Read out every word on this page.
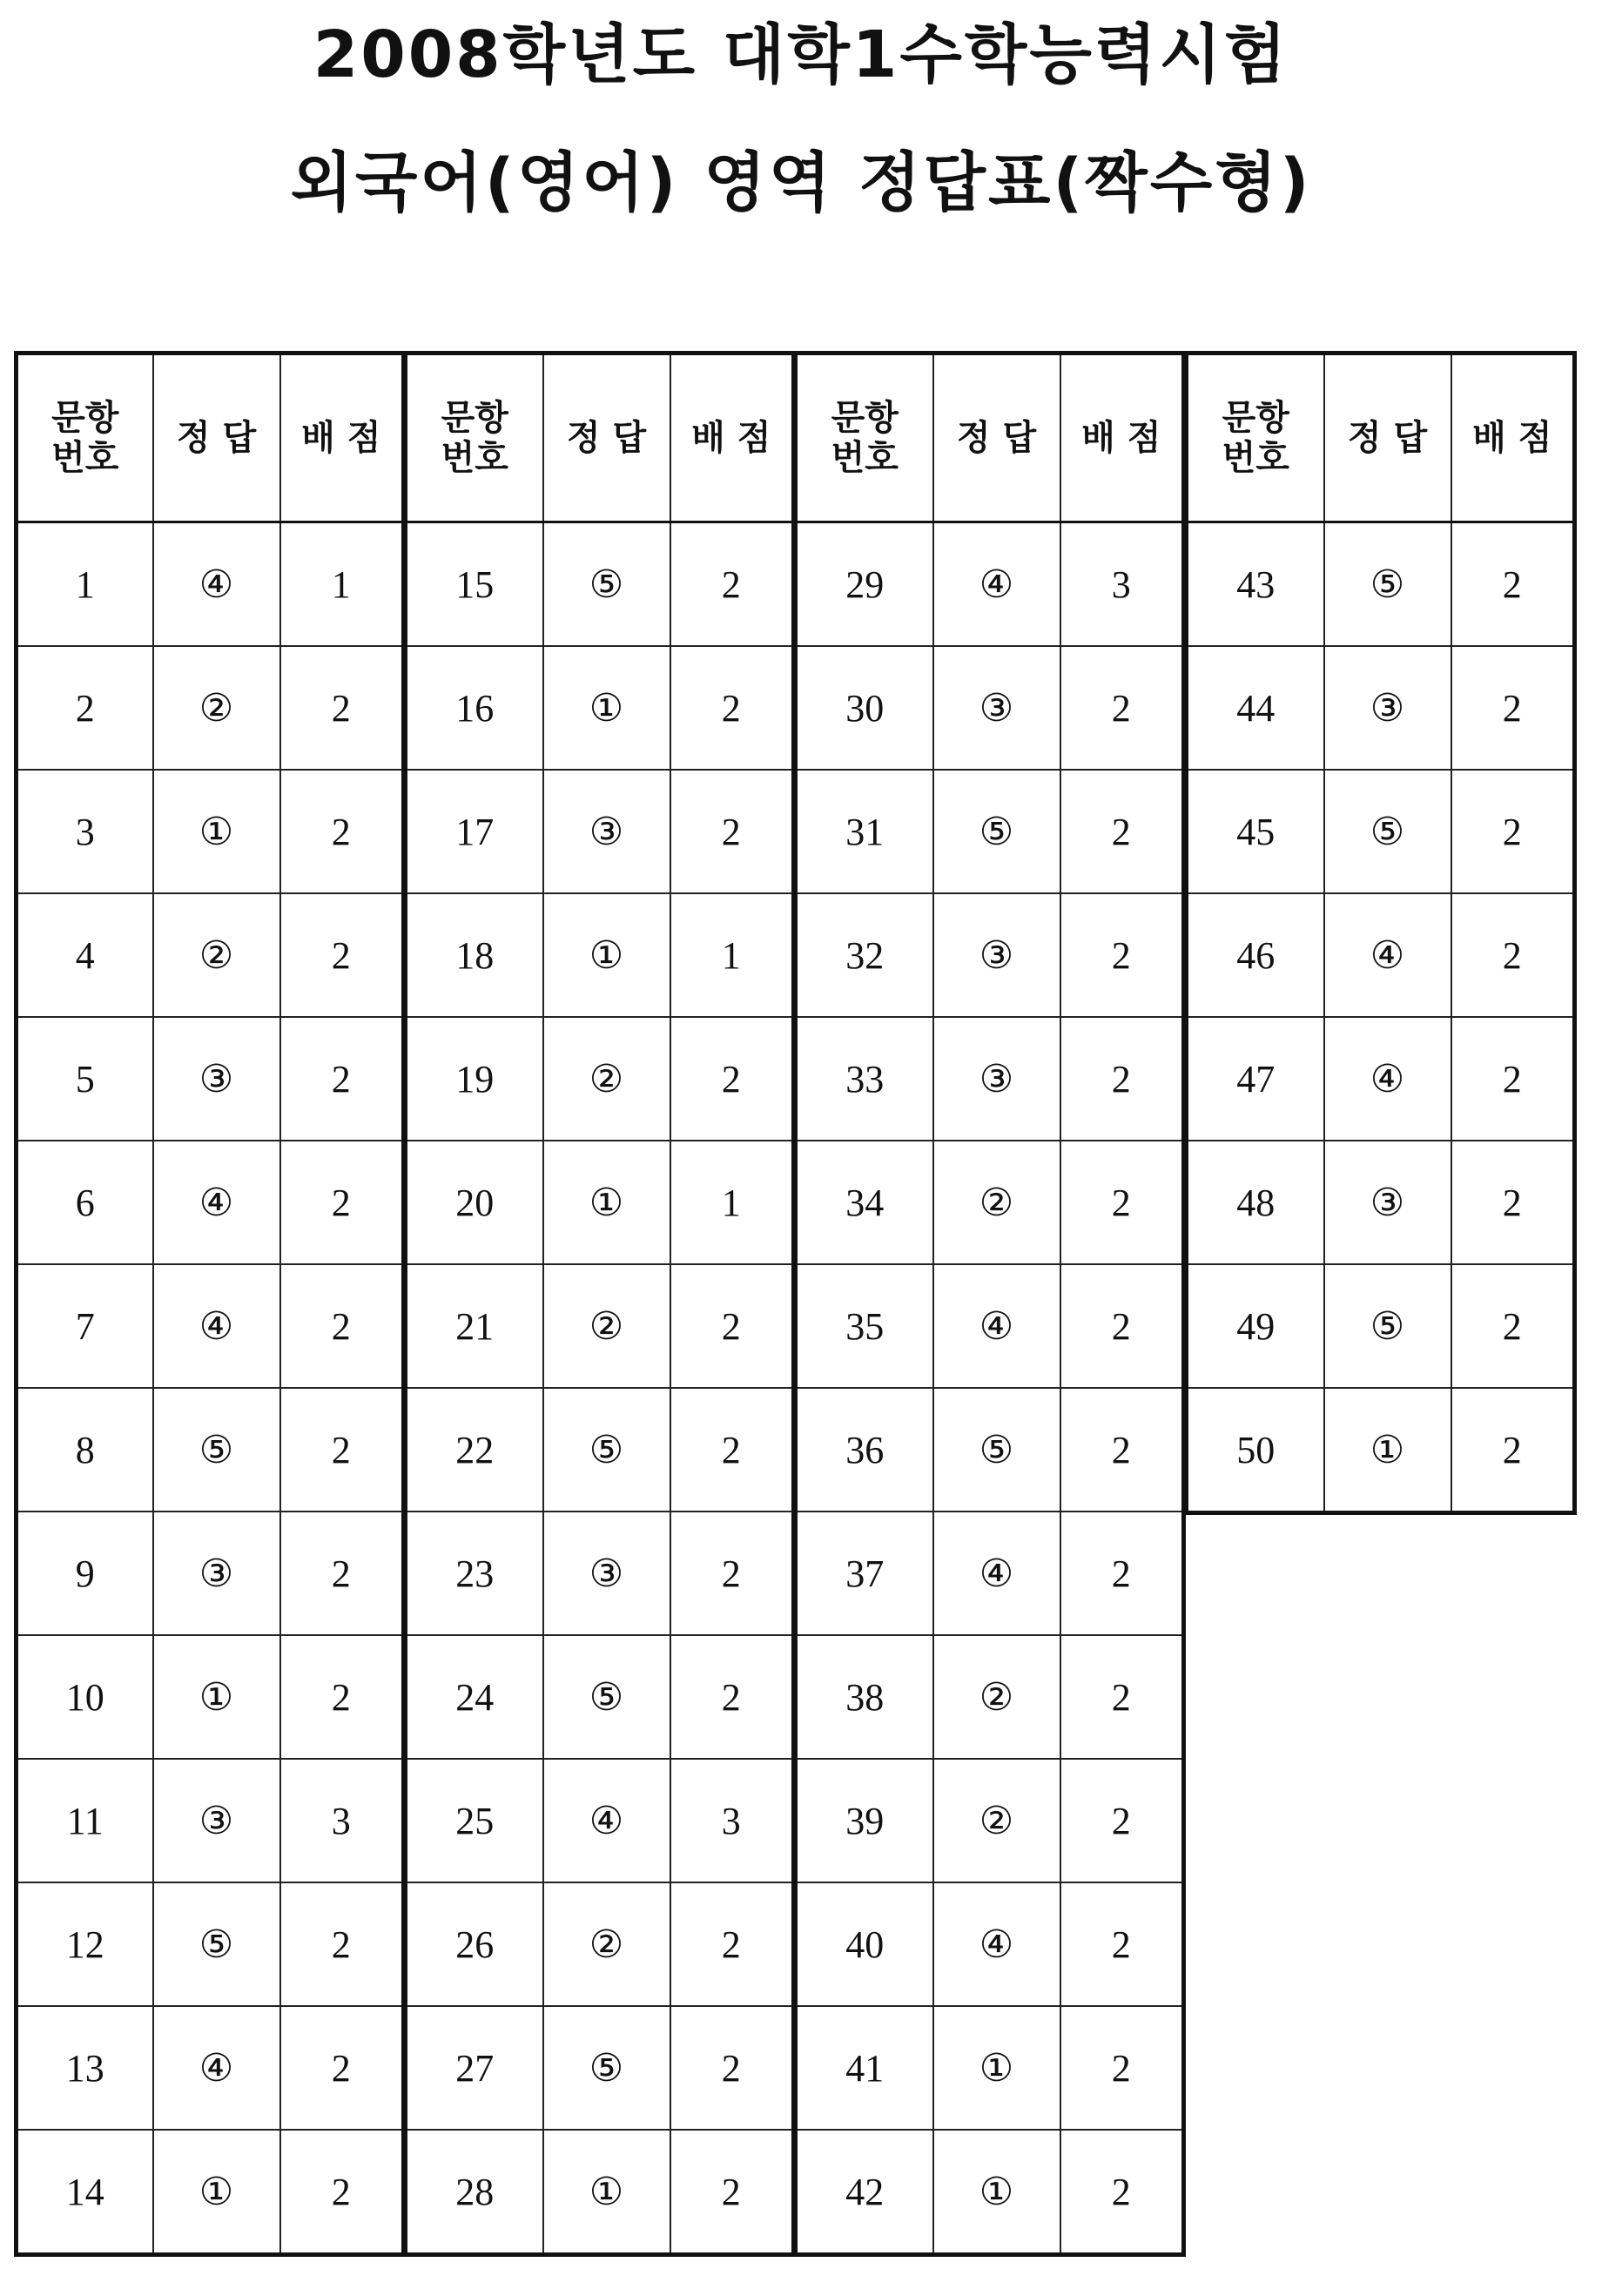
2008학년도 대학1수학능력시험
외국어(영어) 영역 정답표(짝수형)
문항
번호	정 답	배 점
1	④	1
2	②	2
3	①	2
4	②	2
5	③	2
6	④	2
7	④	2
8	⑤	2
9	③	2
10	①	2
11	③	3
12	⑤	2
13	④	2
14	①	2
문항
번호	정 답	배 점
15	⑤	2
16	①	2
17	③	2
18	①	1
19	②	2
20	①	1
21	②	2
22	⑤	2
23	③	2
24	⑤	2
25	④	3
26	②	2
27	⑤	2
28	①	2
문항
번호	정 답	배 점
29	④	3
30	③	2
31	⑤	2
32	③	2
33	③	2
34	②	2
35	④	2
36	⑤	2
37	④	2
38	②	2
39	②	2
40	④	2
41	①	2
42	①	2
문항
번호	정 답	배 점
43	⑤	2
44	③	2
45	⑤	2
46	④	2
47	④	2
48	③	2
49	⑤	2
50	①	2
